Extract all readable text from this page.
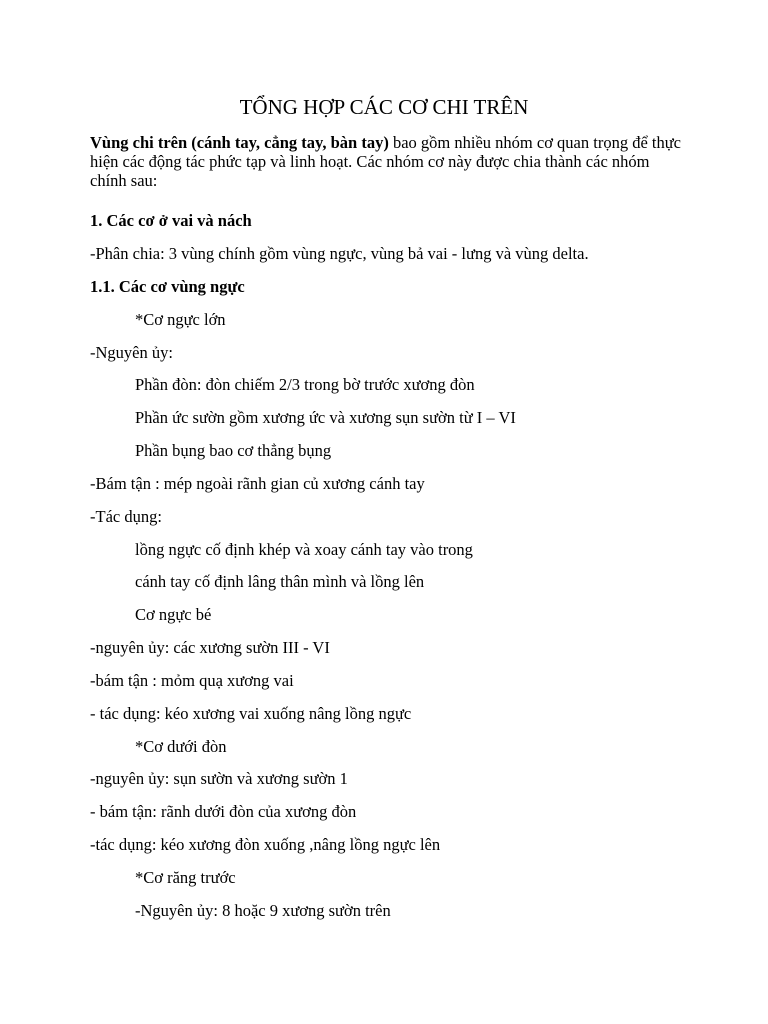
TỔNG HỢP CÁC CƠ CHI TRÊN

Vùng chi trên (cánh tay, cẳng tay, bàn tay) bao gồm nhiều nhóm cơ quan trọng để thực hiện các động tác phức tạp và linh hoạt. Các nhóm cơ này được chia thành các nhóm chính sau:

1. Các cơ ở vai và nách

-Phân chia: 3 vùng chính gồm vùng ngực, vùng bả vai - lưng và vùng delta.

1.1. Các cơ vùng ngực

*Cơ ngực lớn

-Nguyên ủy:

Phần đòn: đòn chiếm 2/3 trong bờ trước xương đòn

Phần ức sườn gồm xương ức và xương sụn sườn từ I – VI

Phần bụng bao cơ thẳng bụng

-Bám tận : mép ngoài rãnh gian củ xương cánh tay

-Tác dụng:

lồng ngực cố định khép và xoay cánh tay vào trong

cánh tay cố định lâng thân mình và lồng lên

Cơ ngực bé

-nguyên ủy: các xương sườn III - VI

-bám tận : mỏm quạ xương vai

- tác dụng: kéo xương vai xuống nâng lồng ngực

*Cơ dưới đòn

-nguyên ủy: sụn sườn và xương sườn 1

- bám tận: rãnh dưới đòn của xương đòn

-tác dụng: kéo xương đòn xuống ,nâng lồng ngực lên

*Cơ răng trước

-Nguyên ủy: 8 hoặc 9 xương sườn trên
